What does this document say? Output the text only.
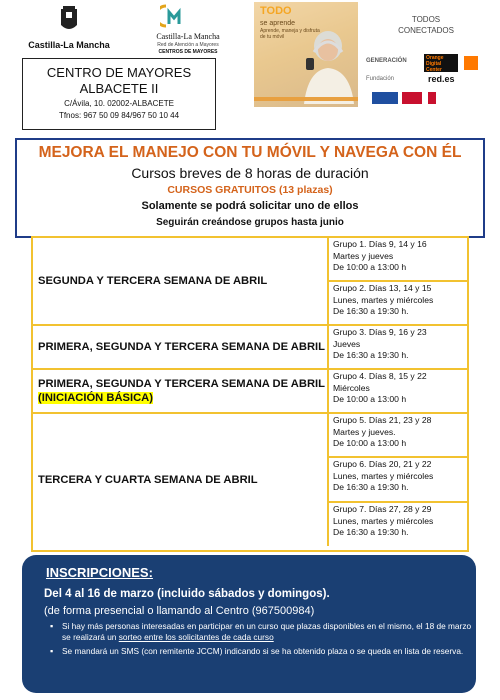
Castilla-La Mancha
Castilla-La Mancha
Red de Atención a Mayores
CENTROS DE MAYORES
TODO
se aprende
Aprende, maneja y disfruta de tu móvil
TODOS
CONECTADOS
GENERACIÓN	Orange Digital Center
Fundación	red.es
CENTRO DE MAYORES
ALBACETE II
C/Ávila, 10. 02002-ALBACETE
Tfnos: 967 50 09 84/967 50 10 44
MEJORA EL MANEJO CON TU MÓVIL Y NAVEGA CON ÉL
Cursos breves de 8 horas de duración
CURSOS GRATUITOS (13 plazas)
Solamente se podrá solicitar uno de ellos
Seguirán creándose grupos hasta junio
SEGUNDA Y TERCERA SEMANA DE ABRIL
Grupo 1. Días 9, 14 y 16
Martes y jueves
De 10:00 a 13:00 h
Grupo 2. Días 13, 14 y 15
Lunes, martes y miércoles
De 16:30 a 19:30 h.
PRIMERA, SEGUNDA Y TERCERA SEMANA DE ABRIL
Grupo 3. Días 9, 16 y 23
Jueves
De 16:30 a 19:30 h.
PRIMERA, SEGUNDA Y TERCERA SEMANA DE ABRIL (INICIACIÓN BÁSICA)
Grupo 4. Días 8, 15 y 22
Miércoles
De 10:00 a 13:00 h
TERCERA Y CUARTA SEMANA DE ABRIL
Grupo 5. Días 21, 23 y 28
Martes y jueves.
De 10:00 a 13:00 h
Grupo 6. Días 20, 21 y 22
Lunes, martes y miércoles
De 16:30 a 19:30 h.
Grupo 7. Días 27, 28 y 29
Lunes, martes y miércoles
De 16:30 a 19:30 h.
INSCRIPCIONES:
Del 4 al 16 de marzo (incluido sábados y domingos).
(de forma presencial o llamando al Centro (967500984)
▪ Si hay más personas interesadas en participar en un curso que plazas disponibles en el mismo, el 18 de marzo se realizará un sorteo entre los solicitantes de cada curso
▪ Se mandará un SMS (con remitente JCCM) indicando si se ha obtenido plaza o se queda en lista de reserva.
